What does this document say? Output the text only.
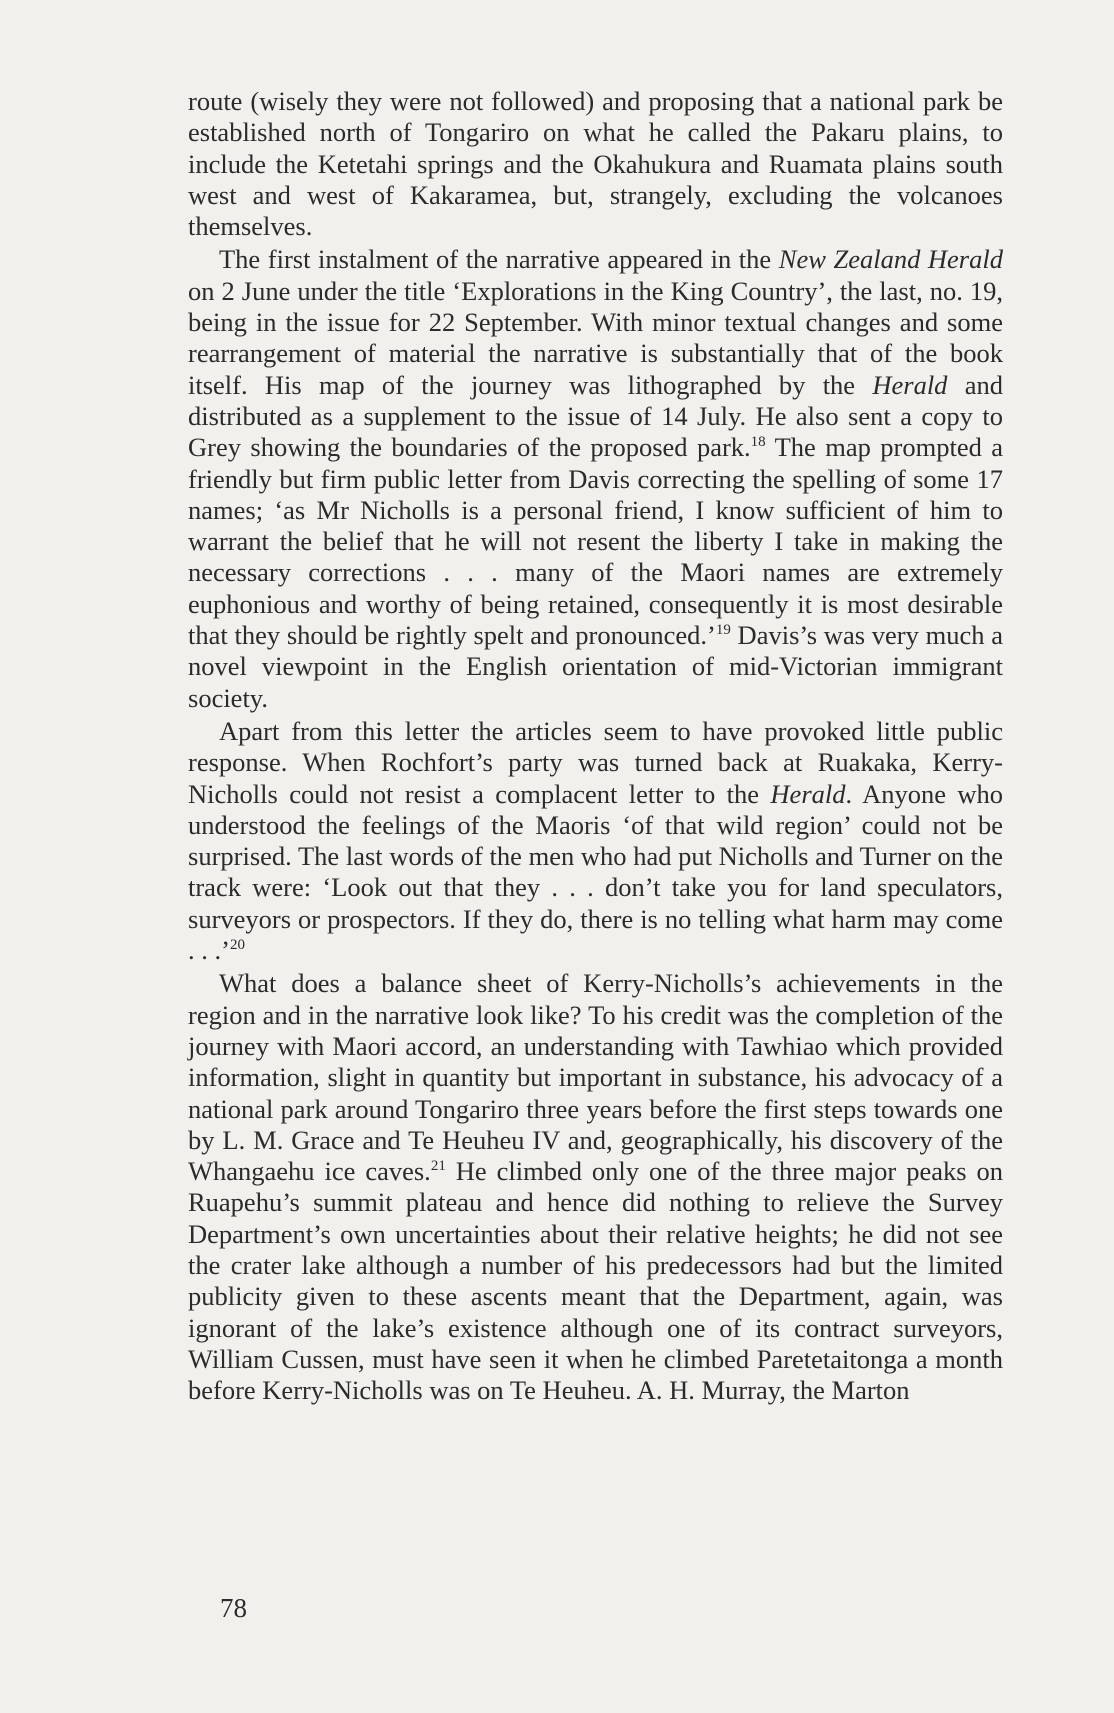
route (wisely they were not followed) and proposing that a national park be established north of Tongariro on what he called the Pakaru plains, to include the Ketetahi springs and the Okahukura and Ruamata plains south west and west of Kakaramea, but, strangely, excluding the volcanoes themselves.

The first instalment of the narrative appeared in the New Zealand Herald on 2 June under the title ‘Explorations in the King Country’, the last, no. 19, being in the issue for 22 September. With minor textual changes and some rearrangement of material the narrative is substantially that of the book itself. His map of the journey was lithographed by the Herald and distributed as a supplement to the issue of 14 July. He also sent a copy to Grey showing the boundaries of the proposed park.$^{18}$ The map prompted a friendly but firm public letter from Davis correcting the spelling of some 17 names; ‘as Mr Nicholls is a personal friend, I know sufficient of him to warrant the belief that he will not resent the liberty I take in making the necessary corrections . . . many of the Maori names are extremely euphonious and worthy of being retained, consequently it is most desirable that they should be rightly spelt and pronounced.’$^{19}$ Davis’s was very much a novel viewpoint in the English orientation of mid-Victorian immigrant society.

Apart from this letter the articles seem to have provoked little public response. When Rochfort’s party was turned back at Ruakaka, Kerry-Nicholls could not resist a complacent letter to the Herald. Anyone who understood the feelings of the Maoris ‘of that wild region’ could not be surprised. The last words of the men who had put Nicholls and Turner on the track were: ‘Look out that they . . . don’t take you for land speculators, surveyors or prospectors. If they do, there is no telling what harm may come . . .’$^{20}$

What does a balance sheet of Kerry-Nicholls’s achievements in the region and in the narrative look like? To his credit was the completion of the journey with Maori accord, an understanding with Tawhiao which provided information, slight in quantity but important in substance, his advocacy of a national park around Tongariro three years before the first steps towards one by L. M. Grace and Te Heuheu IV and, geographically, his discovery of the Whangaehu ice caves.$^{21}$ He climbed only one of the three major peaks on Ruapehu’s summit plateau and hence did nothing to relieve the Survey Department’s own uncertainties about their relative heights; he did not see the crater lake although a number of his predecessors had but the limited publicity given to these ascents meant that the Department, again, was ignorant of the lake’s existence although one of its contract surveyors, William Cussen, must have seen it when he climbed Paretetaitonga a month before Kerry-Nicholls was on Te Heuheu. A. H. Murray, the Marton

78
